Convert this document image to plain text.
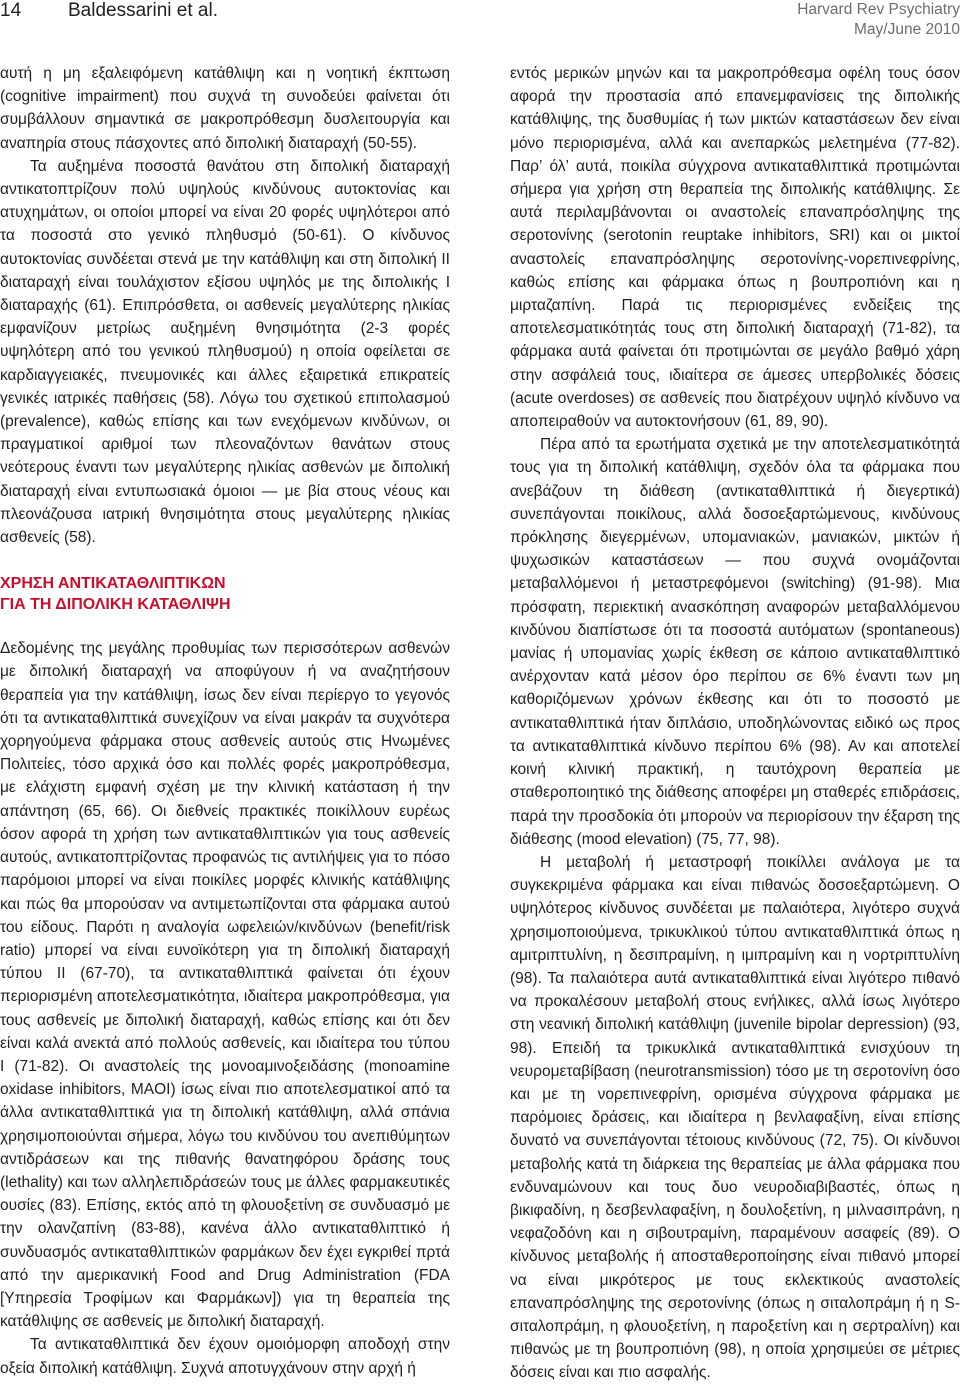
14 Baldessarini et al.	Harvard Rev Psychiatry
May/June 2010

αυτή η μη εξαλειφόμενη κατάθλιψη και η νοητική έκπτωση (cognitive impairment) που συχνά τη συνοδεύει φαίνεται ότι συμβάλλουν σημαντικά σε μακροπρόθεσμη δυσλειτουργία και αναπηρία στους πάσχοντες από διπολική διαταραχή (50-55).

Τα αυξημένα ποσοστά θανάτου στη διπολική διαταραχή αντικατοπτρίζουν πολύ υψηλούς κινδύνους αυτοκτονίας και ατυχημάτων, οι οποίοι μπορεί να είναι 20 φορές υψηλότεροι από τα ποσοστά στο γενικό πληθυσμό (50-61). Ο κίνδυνος αυτοκτονίας συνδέεται στενά με την κατάθλιψη και στη διπολική ΙΙ διαταραχή είναι τουλάχιστον εξίσου υψηλός με της διπολικής Ι διαταραχής (61). Επιπρόσθετα, οι ασθενείς μεγαλύτερης ηλικίας εμφανίζουν μετρίως αυξημένη θνησιμότητα (2-3 φορές υψηλότερη από του γενικού πληθυσμού) η οποία οφείλεται σε καρδιαγγειακές, πνευμονικές και άλλες εξαιρετικά επικρατείς γενικές ιατρικές παθήσεις (58). Λόγω του σχετικού επιπολασμού (prevalence), καθώς επίσης και των ενεχόμενων κινδύνων, οι πραγματικοί αριθμοί των πλεοναζόντων θανάτων στους νεότερους έναντι των μεγαλύτερης ηλικίας ασθενών με διπολική διαταραχή είναι εντυπωσιακά όμοιοι — με βία στους νέους και πλεονάζουσα ιατρική θνησιμότητα στους μεγαλύτερης ηλικίας ασθενείς (58).

ΧΡΗΣΗ ΑΝΤΙΚΑΤΑΘΛΙΠΤΙΚΩΝ
ΓΙΑ ΤΗ ΔΙΠΟΛΙΚΗ ΚΑΤΑΘΛΙΨΗ

Δεδομένης της μεγάλης προθυμίας των περισσότερων ασθενών με διπολική διαταραχή να αποφύγουν ή να αναζητήσουν θεραπεία για την κατάθλιψη, ίσως δεν είναι περίεργο το γεγονός ότι τα αντικαταθλιπτικά συνεχίζουν να είναι μακράν τα συχνότερα χορηγούμενα φάρμακα στους ασθενείς αυτούς στις Ηνωμένες Πολιτείες, τόσο αρχικά όσο και πολλές φορές μακροπρόθεσμα, με ελάχιστη εμφανή σχέση με την κλινική κατάσταση ή την απάντηση (65, 66). Οι διεθνείς πρακτικές ποικίλλουν ευρέως όσον αφορά τη χρήση των αντικαταθλιπτικών για τους ασθενείς αυτούς, αντικατοπτρίζοντας προφανώς τις αντιλήψεις για το πόσο παρόμοιοι μπορεί να είναι ποικίλες μορφές κλινικής κατάθλιψης και πώς θα μπορούσαν να αντιμετωπίζονται στα φάρμακα αυτού του είδους. Παρότι η αναλογία ωφελειών/κινδύνων (benefit/risk ratio) μπορεί να είναι ευνοϊκότερη για τη διπολική διαταραχή τύπου ΙΙ (67-70), τα αντικαταθλιπτικά φαίνεται ότι έχουν περιορισμένη αποτελεσματικότητα, ιδιαίτερα μακροπρόθεσμα, για τους ασθενείς με διπολική διαταραχή, καθώς επίσης και ότι δεν είναι καλά ανεκτά από πολλούς ασθενείς, και ιδιαίτερα του τύπου Ι (71-82). Οι αναστολείς της μονοαμινοξειδάσης (monoamine oxidase inhibitors, MAOI) ίσως είναι πιο αποτελεσματικοί από τα άλλα αντικαταθλιπτικά για τη διπολική κατάθλιψη, αλλά σπάνια χρησιμοποιούνται σήμερα, λόγω του κινδύνου του ανεπιθύμητων αντιδράσεων και της πιθανής θανατηφόρου δράσης τους (lethality) και των αλληλεπιδράσεών τους με άλλες φαρμακευτικές ουσίες (83). Επίσης, εκτός από τη φλουοξετίνη σε συνδυασμό με την ολανζαπίνη (83-88), κανένα άλλο αντικαταθλιπτικό ή συνδυασμός αντικαταθλιπτικών φαρμάκων δεν έχει εγκριθεί πρτά από την αμερικανική Food and Drug Administration (FDA [Υπηρεσία Τροφίμων και Φαρμάκων]) για τη θεραπεία της κατάθλιψης σε ασθενείς με διπολική διαταραχή.

Τα αντικαταθλιπτικά δεν έχουν ομοιόμορφη αποδοχή στην οξεία διπολική κατάθλιψη. Συχνά αποτυγχάνουν στην αρχή ή

εντός μερικών μηνών και τα μακροπρόθεσμα οφέλη τους όσον αφορά την προστασία από επανεμφανίσεις της διπολικής κατάθλιψης, της δυσθυμίας ή των μικτών καταστάσεων δεν είναι μόνο περιορισμένα, αλλά και ανεπαρκώς μελετημένα (77-82). Παρ’ όλ’ αυτά, ποικίλα σύγχρονα αντικαταθλιπτικά προτιμώνται σήμερα για χρήση στη θεραπεία της διπολικής κατάθλιψης. Σε αυτά περιλαμβάνονται οι αναστολείς επαναπρόσληψης της σεροτονίνης (serotonin reuptake inhibitors, SRI) και οι μικτοί αναστολείς επαναπρόσληψης σεροτονίνης-νορεπινεφρίνης, καθώς επίσης και φάρμακα όπως η βουπροπιόνη και η μιρταζαπίνη. Παρά τις περιορισμένες ενδείξεις της αποτελεσματικότητάς τους στη διπολική διαταραχή (71-82), τα φάρμακα αυτά φαίνεται ότι προτιμώνται σε μεγάλο βαθμό χάρη στην ασφάλειά τους, ιδιαίτερα σε άμεσες υπερβολικές δόσεις (acute overdoses) σε ασθενείς που διατρέχουν υψηλό κίνδυνο να αποπειραθούν να αυτοκτονήσουν (61, 89, 90).

Πέρα από τα ερωτήματα σχετικά με την αποτελεσματικότητά τους για τη διπολική κατάθλιψη, σχεδόν όλα τα φάρμακα που ανεβάζουν τη διάθεση (αντικαταθλιπτικά ή διεγερτικά) συνεπάγονται ποικίλους, αλλά δοσοεξαρτώμενους, κινδύνους πρόκλησης διεγερμένων, υπομανιακών, μανιακών, μικτών ή ψυχωσικών καταστάσεων — που συχνά ονομάζονται μεταβαλλόμενοι ή μεταστρεφόμενοι (switching) (91-98). Μια πρόσφατη, περιεκτική ανασκόπηση αναφορών μεταβαλλόμενου κινδύνου διαπίστωσε ότι τα ποσοστά αυτόματων (spontaneous) μανίας ή υπομανίας χωρίς έκθεση σε κάποιο αντικαταθλιπτικό ανέρχονταν κατά μέσον όρο περίπου σε 6% έναντι των μη καθοριζόμενων χρόνων έκθεσης και ότι το ποσοστό με αντικαταθλιπτικά ήταν διπλάσιο, υποδηλώνοντας ειδικό ως προς τα αντικαταθλιπτικά κίνδυνο περίπου 6% (98). Αν και αποτελεί κοινή κλινική πρακτική, η ταυτόχρονη θεραπεία με σταθεροποιητικό της διάθεσης αποφέρει μη σταθερές επιδράσεις, παρά την προσδοκία ότι μπορούν να περιορίσουν την έξαρση της διάθεσης (mood elevation) (75, 77, 98).

Η μεταβολή ή μεταστροφή ποικίλλει ανάλογα με τα συγκεκριμένα φάρμακα και είναι πιθανώς δοσοεξαρτώμενη. Ο υψηλότερος κίνδυνος συνδέεται με παλαιότερα, λιγότερο συχνά χρησιμοποιούμενα, τρικυκλικού τύπου αντικαταθλιπτικά όπως η αμιτριπτυλίνη, η δεσιπραμίνη, η ιμιπραμίνη και η νορτριπτυλίνη (98). Τα παλαιότερα αυτά αντικαταθλιπτικά είναι λιγότερο πιθανό να προκαλέσουν μεταβολή στους ενήλικες, αλλά ίσως λιγότερο στη νεανική διπολική κατάθλιψη (juvenile bipolar depression) (93, 98). Επειδή τα τρικυκλικά αντικαταθλιπτικά ενισχύουν τη νευρομεταβίβαση (neurotransmission) τόσο με τη σεροτονίνη όσο και με τη νορεπινεφρίνη, ορισμένα σύγχρονα φάρμακα με παρόμοιες δράσεις, και ιδιαίτερα η βενλαφαξίνη, είναι επίσης δυνατό να συνεπάγονται τέτοιους κινδύνους (72, 75). Οι κίνδυνοι μεταβολής κατά τη διάρκεια της θεραπείας με άλλα φάρμακα που ενδυναμώνουν και τους δυο νευροδιαβιβαστές, όπως η βικιφαδίνη, η δεσβενλαφαξίνη, η δουλοξετίνη, η μιλνασιπράνη, η νεφαζοδόνη και η σιβουτραμίνη, παραμένουν ασαφείς (89). Ο κίνδυνος μεταβολής ή αποσταθεροποίησης είναι πιθανό μπορεί να είναι μικρότερος με τους εκλεκτικούς αναστολείς επαναπρόσληψης της σεροτονίνης (όπως η σιταλοπράμη ή η S-σιταλοπράμη, η φλουοξετίνη, η παροξετίνη και η σερτραλίνη) και πιθανώς με τη βουπροπιόνη (98), η οποία χρησιμεύει σε μέτριες δόσεις είναι και πιο ασφαλής.
